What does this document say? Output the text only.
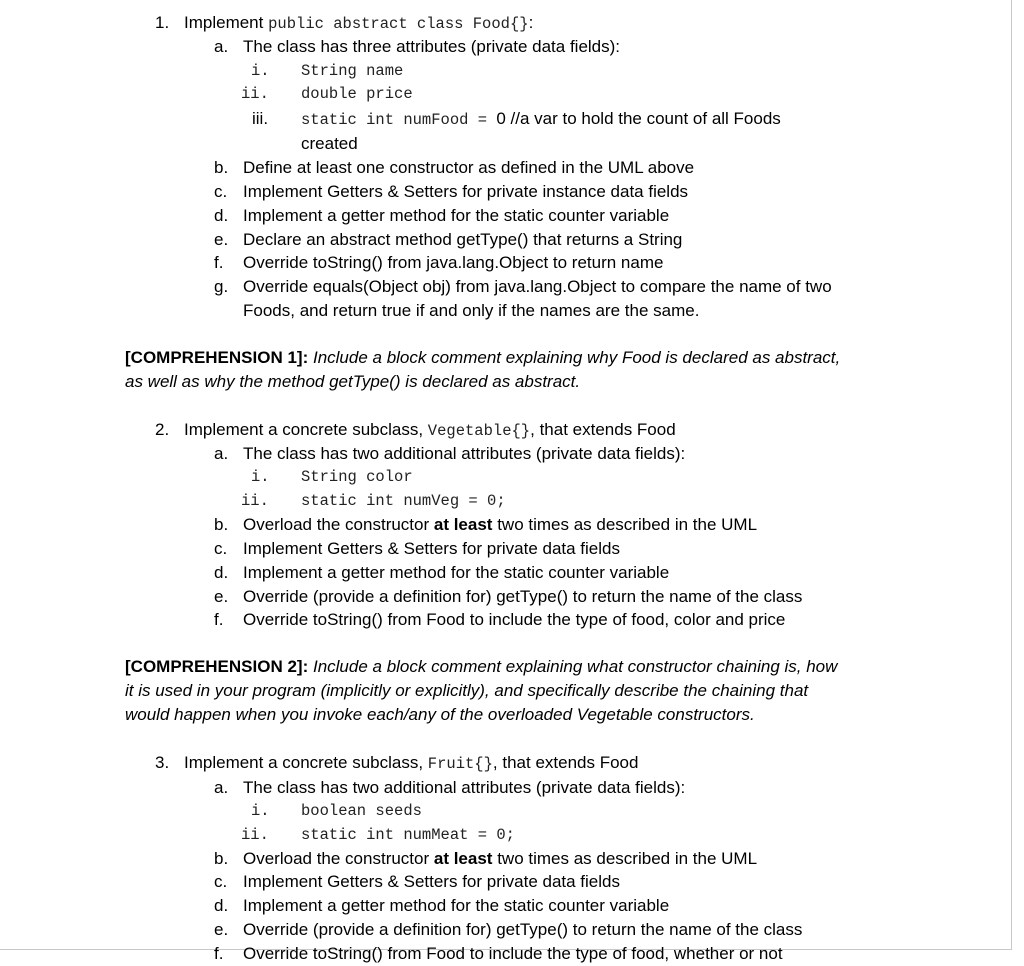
1. Implement public abstract class Food{}:
a. The class has three attributes (private data fields):
i. String name
ii. double price
iii. static int numFood = 0 //a var to hold the count of all Foods
created
b. Define at least one constructor as defined in the UML above
c. Implement Getters & Setters for private instance data fields
d. Implement a getter method for the static counter variable
e. Declare an abstract method getType() that returns a String
f. Override toString() from java.lang.Object to return name
g. Override equals(Object obj) from java.lang.Object to compare the name of two
Foods, and return true if and only if the names are the same.
[COMPREHENSION 1]: Include a block comment explaining why Food is declared as abstract,
as well as why the method getType() is declared as abstract.
2. Implement a concrete subclass, Vegetable{}, that extends Food
a. The class has two additional attributes (private data fields):
i. String color
ii. static int numVeg = 0;
b. Overload the constructor at least two times as described in the UML
c. Implement Getters & Setters for private data fields
d. Implement a getter method for the static counter variable
e. Override (provide a definition for) getType() to return the name of the class
f. Override toString() from Food to include the type of food, color and price
[COMPREHENSION 2]: Include a block comment explaining what constructor chaining is, how
it is used in your program (implicitly or explicitly), and specifically describe the chaining that
would happen when you invoke each/any of the overloaded Vegetable constructors.
3. Implement a concrete subclass, Fruit{}, that extends Food
a. The class has two additional attributes (private data fields):
i. boolean seeds
ii. static int numMeat = 0;
b. Overload the constructor at least two times as described in the UML
c. Implement Getters & Setters for private data fields
d. Implement a getter method for the static counter variable
e. Override (provide a definition for) getType() to return the name of the class
f. Override toString() from Food to include the type of food, whether or not
